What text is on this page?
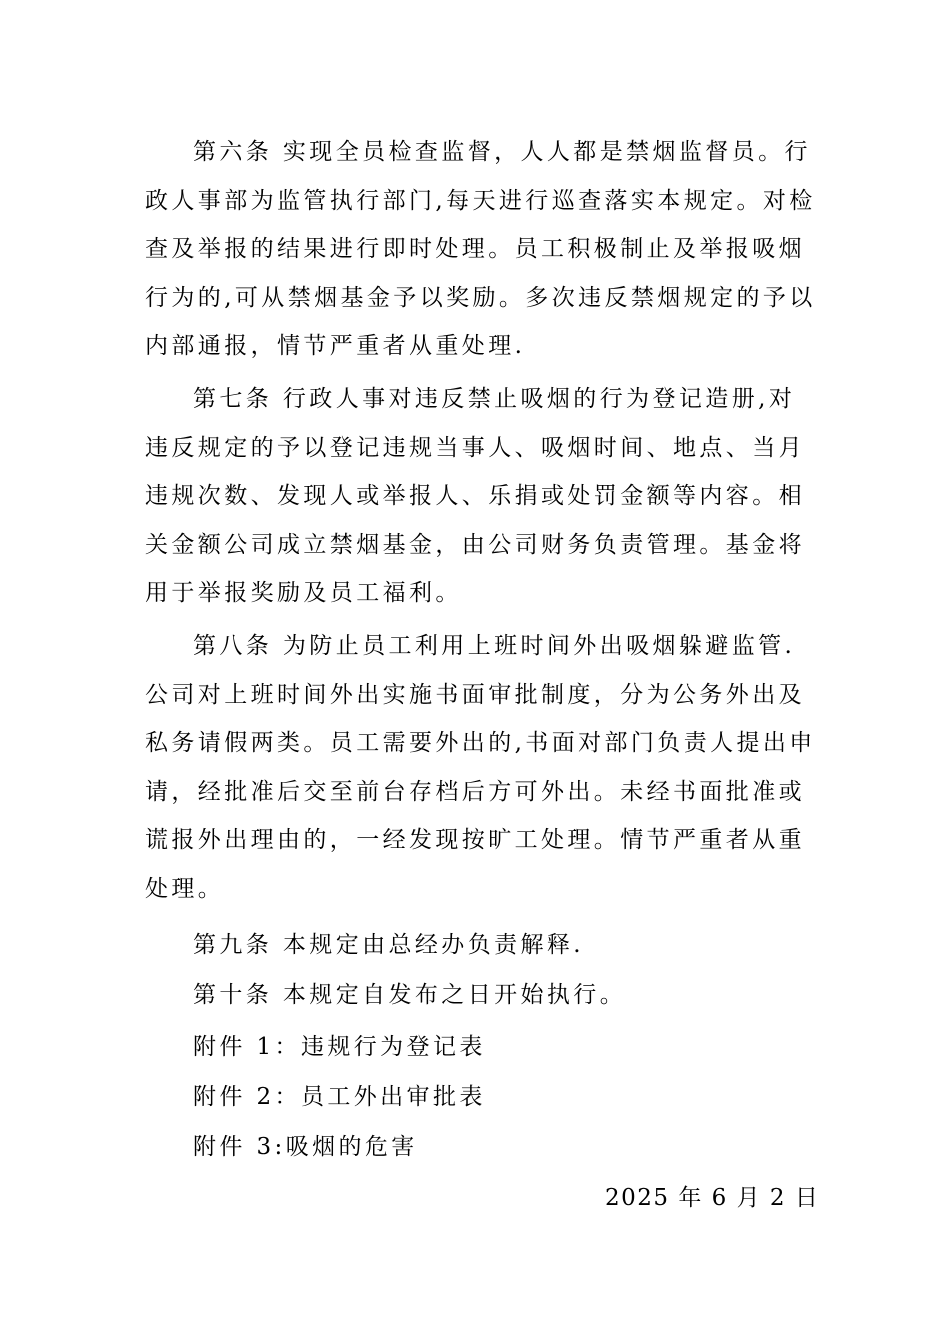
第六条 实现全员检查监督，人人都是禁烟监督员。行
政人事部为监管执行部门,每天进行巡查落实本规定。对检
查及举报的结果进行即时处理。员工积极制止及举报吸烟
行为的,可从禁烟基金予以奖励。多次违反禁烟规定的予以
内部通报，情节严重者从重处理.
第七条 行政人事对违反禁止吸烟的行为登记造册,对
违反规定的予以登记违规当事人、吸烟时间、地点、当月
违规次数、发现人或举报人、乐捐或处罚金额等内容。相
关金额公司成立禁烟基金，由公司财务负责管理。基金将
用于举报奖励及员工福利。
第八条 为防止员工利用上班时间外出吸烟躲避监管.
公司对上班时间外出实施书面审批制度，分为公务外出及
私务请假两类。员工需要外出的,书面对部门负责人提出申
请，经批准后交至前台存档后方可外出。未经书面批准或
谎报外出理由的，一经发现按旷工处理。情节严重者从重
处理。
第九条 本规定由总经办负责解释.
第十条 本规定自发布之日开始执行。
附件 1：违规行为登记表
附件 2：员工外出审批表
附件 3:吸烟的危害
2025 年 6 月 2 日
